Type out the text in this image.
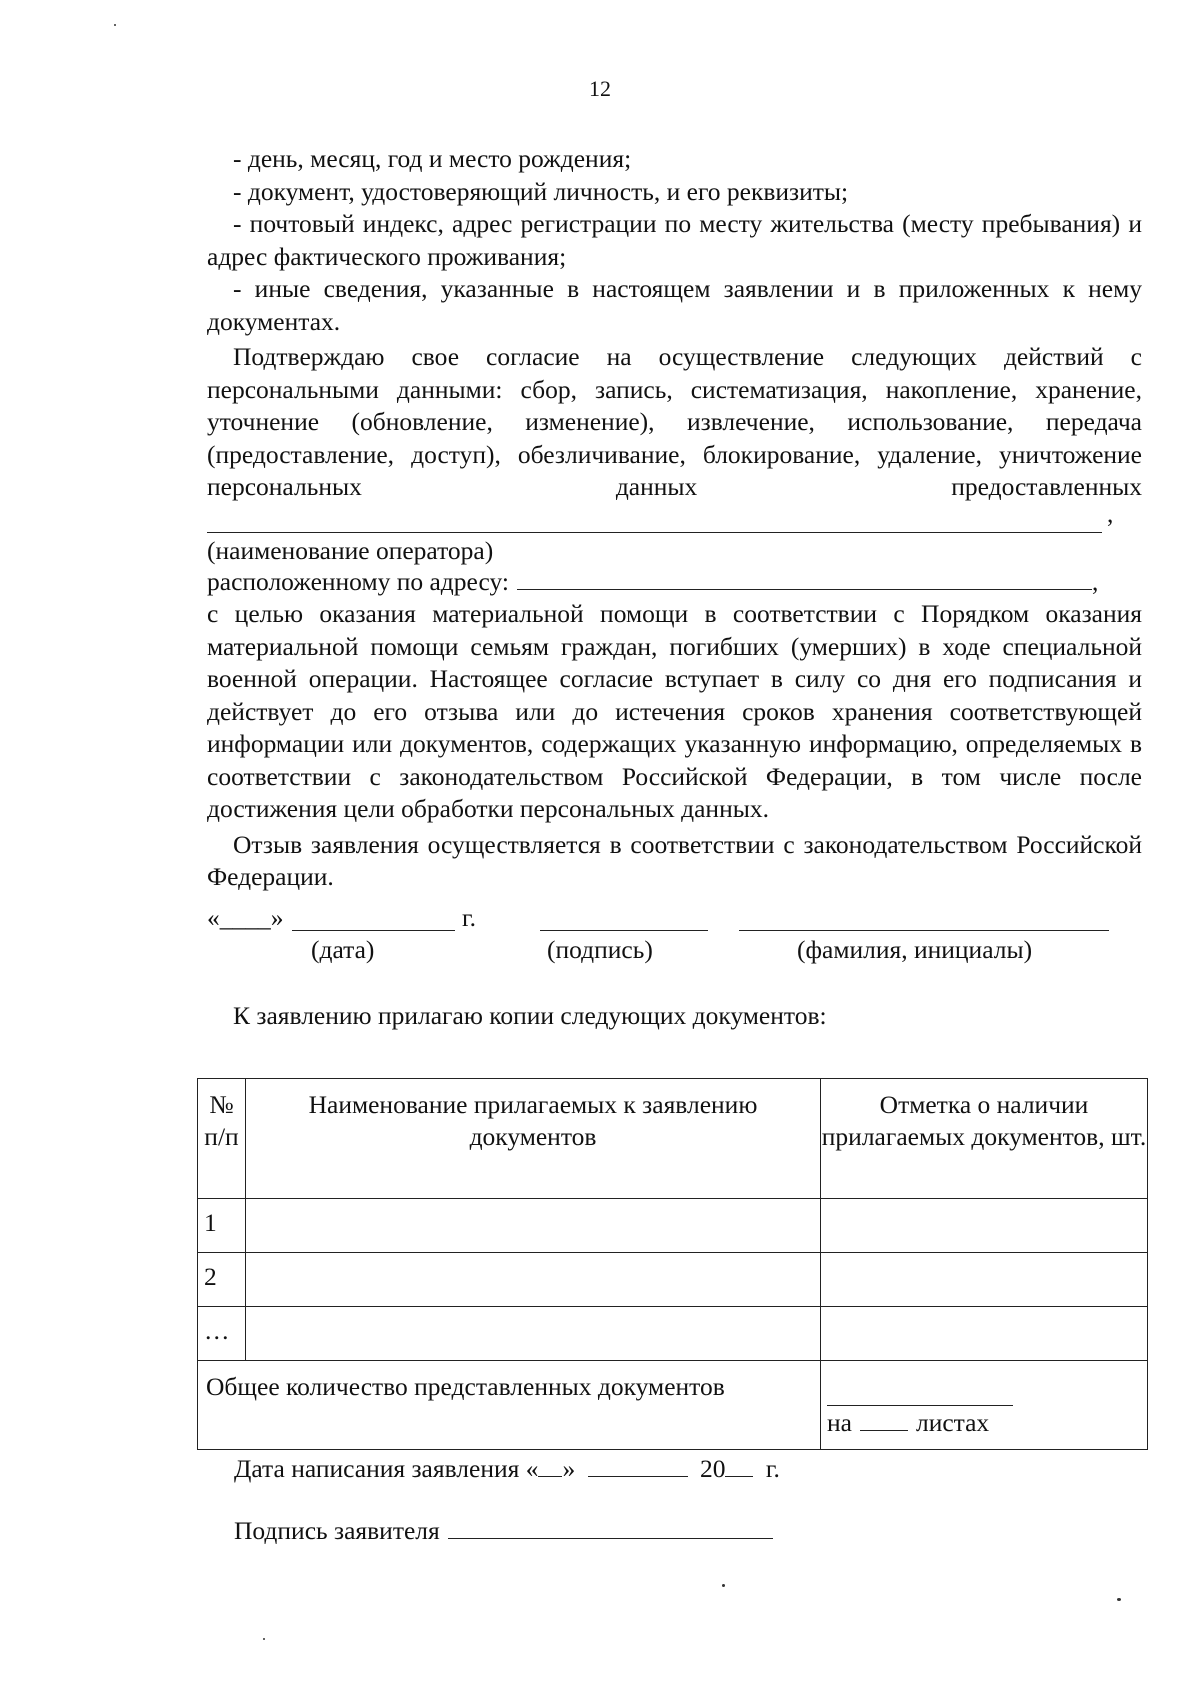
12

- день, месяц, год и место рождения;

- документ, удостоверяющий личность, и его реквизиты;

- почтовый индекс, адрес регистрации по месту жительства (месту пребывания) и адрес фактического проживания;

- иные сведения, указанные в настоящем заявлении и в приложенных к нему документах.

Подтверждаю свое согласие на осуществление следующих действий с персональными данными: сбор, запись, систематизация, накопление, хранение, уточнение (обновление, изменение), извлечение, использование, передача (предоставление, доступ), обезличивание, блокирование, удаление, уничтожение персональных данных предоставленных

,

(наименование оператора)

расположенному по адресу:	,

с целью оказания материальной помощи в соответствии с Порядком оказания материальной помощи семьям граждан, погибших (умерших) в ходе специальной военной операции. Настоящее согласие вступает в силу со дня его подписания и действует до его отзыва или до истечения сроков хранения соответствующей информации или документов, содержащих указанную информацию, определяемых в соответствии с законодательством Российской Федерации, в том числе после достижения цели обработки персональных данных.

Отзыв заявления осуществляется в соответствии с законодательством Российской Федерации.

«____»	г.
(дата)	(подпись)	(фамилия, инициалы)

К заявлению прилагаю копии следующих документов:

№ п/п	Наименование прилагаемых к заявлению документов	Отметка о наличии прилагаемых документов, шт.
1		
2		
…		
Общее количество представленных документов		на листах
Дата написания заявления « »	20 г.
Подпись заявителя
